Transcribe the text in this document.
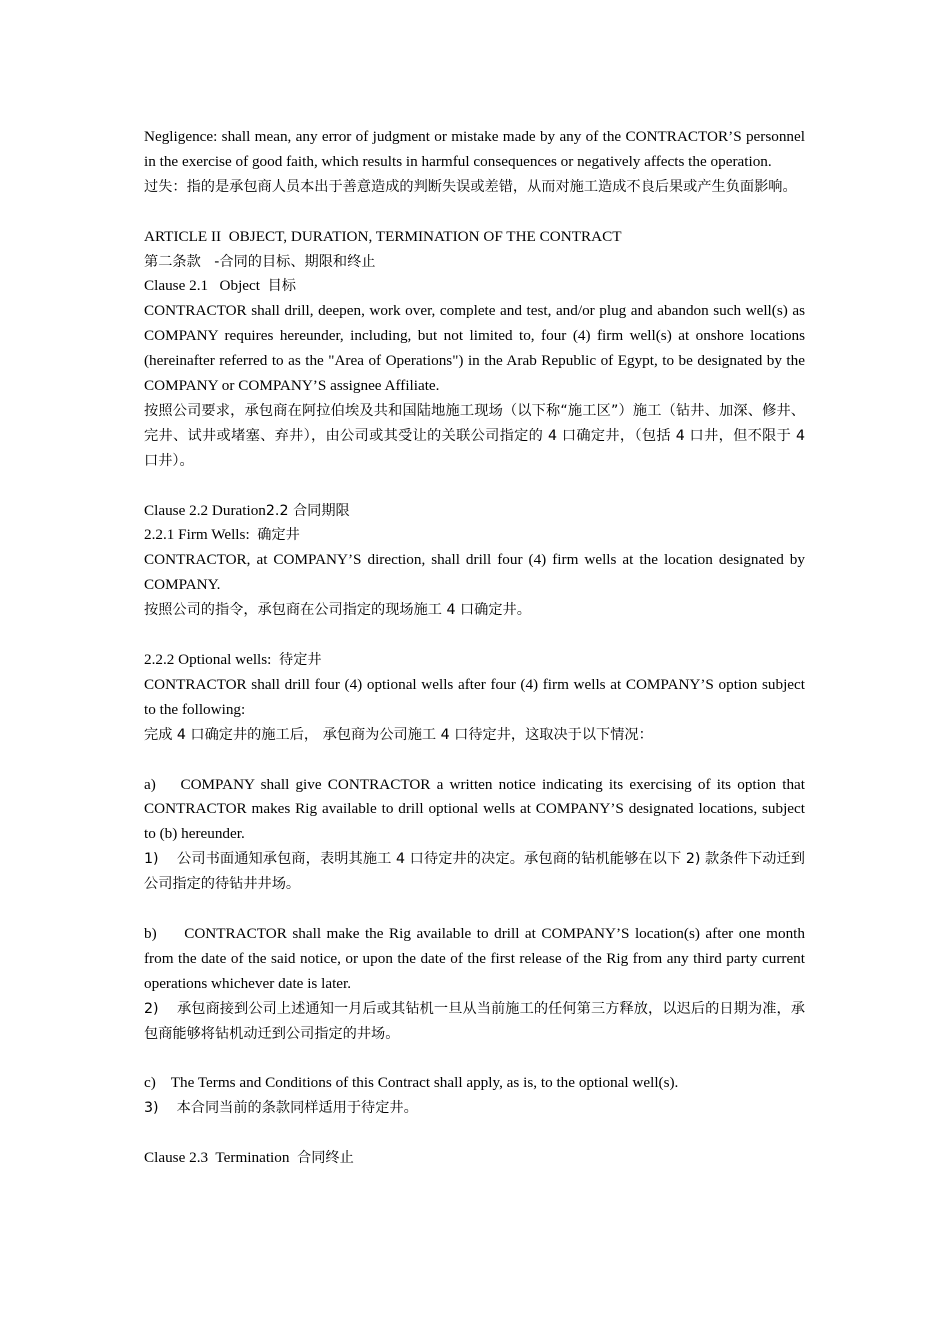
Negligence: shall mean, any error of judgment or mistake made by any of the CONTRACTOR’S personnel in the exercise of good faith, which results in harmful consequences or negatively affects the operation.

过失：指的是承包商人员本出于善意造成的判断失误或差错，从而对施工造成不良后果或产生负面影响。

ARTICLE II  OBJECT, DURATION, TERMINATION OF THE CONTRACT

第二条款   -合同的目标、期限和终止

Clause 2.1   Object  目标

CONTRACTOR shall drill, deepen, work over, complete and test, and/or plug and abandon such well(s) as COMPANY requires hereunder, including, but not limited to, four (4) firm well(s) at onshore locations (hereinafter referred to as the "Area of Operations") in the Arab Republic of Egypt, to be designated by the COMPANY or COMPANY’S assignee Affiliate.

按照公司要求，承包商在阿拉伯埃及共和国陆地施工现场（以下称“施工区”）施工（钻井、加深、修井、完井、试井或堵塞、弃井），由公司或其受让的关联公司指定的 4 口确定井，（包括 4 口井，但不限于 4 口井）。

Clause 2.2 Duration2.2 合同期限

2.2.1 Firm Wells:  确定井

CONTRACTOR, at COMPANY’S direction, shall drill four (4) firm wells at the location designated by COMPANY.

按照公司的指令，承包商在公司指定的现场施工 4 口确定井。

2.2.2 Optional wells:  待定井

CONTRACTOR shall drill four (4) optional wells after four (4) firm wells at COMPANY’S option subject to the following:

完成 4 口确定井的施工后， 承包商为公司施工 4 口待定井，这取决于以下情况：

a)    COMPANY shall give CONTRACTOR a written notice indicating its exercising of its option that CONTRACTOR makes Rig available to drill optional wells at COMPANY’S designated locations, subject to (b) hereunder.

1)    公司书面通知承包商，表明其施工 4 口待定井的决定。承包商的钻机能够在以下 2) 款条件下动迁到公司指定的待钻井井场。

b)     CONTRACTOR shall make the Rig available to drill at COMPANY’S location(s) after one month from the date of the said notice, or upon the date of the first release of the Rig from any third party current operations whichever date is later.

2)    承包商接到公司上述通知一月后或其钻机一旦从当前施工的任何第三方释放，以迟后的日期为准，承包商能够将钻机动迁到公司指定的井场。

c)    The Terms and Conditions of this Contract shall apply, as is, to the optional well(s).

3)    本合同当前的条款同样适用于待定井。

Clause 2.3  Termination  合同终止
